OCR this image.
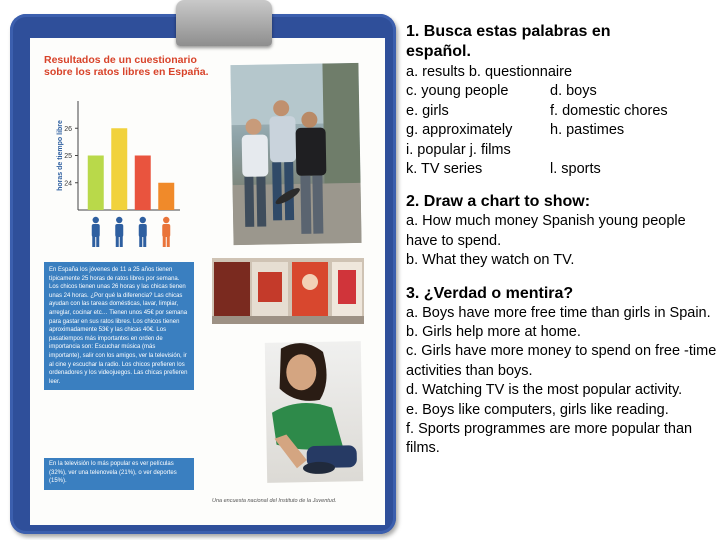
Resultados de un cuestionario sobre los ratos libres en España.
horas de tiempo libre 24
25
26
En España los jóvenes de 11 a 25 años tienen típicamente 25 horas de ratos libres por semana. Los chicos tienen unas 26 horas y las chicas tienen unas 24 horas. ¿Por qué la diferencia? Las chicas ayudan con las tareas domésticas, lavar, limpiar, arreglar, cocinar etc… Tienen unos 45€ por semana para gastar en sus ratos libres. Los chicos tienen aproximadamente 53€ y las chicas 40€. Los pasatiempos más importantes en orden de importancia son: Escuchar música (más importante), salir con los amigos, ver la televisión, ir al cine y escuchar la radio. Los chicos prefieren los ordenadores y los videojuegos. Las chicas prefieren leer.
En la televisión lo más popular es ver películas (32%), ver una telenovela (21%), o ver deportes (15%).
Una encuesta nacional del Instituto de la Juventud.
1. Busca estas palabras en
español.
a. results b. questionnaire
c. young people	d. boys
e. girls	f. domestic chores
g. approximately	h. pastimes
i. popular j. films
k. TV series	l. sports
2. Draw a chart to show:
a. How much money Spanish young people have to spend.
b. What they watch on TV.
3. ¿Verdad o mentira?
a. Boys have more free time than girls in Spain.
b. Girls help more at home.
c. Girls have more money to spend on free -time activities than boys.
d. Watching TV is the most popular activity.
e. Boys like computers, girls like reading.
f. Sports programmes are more popular than films.
